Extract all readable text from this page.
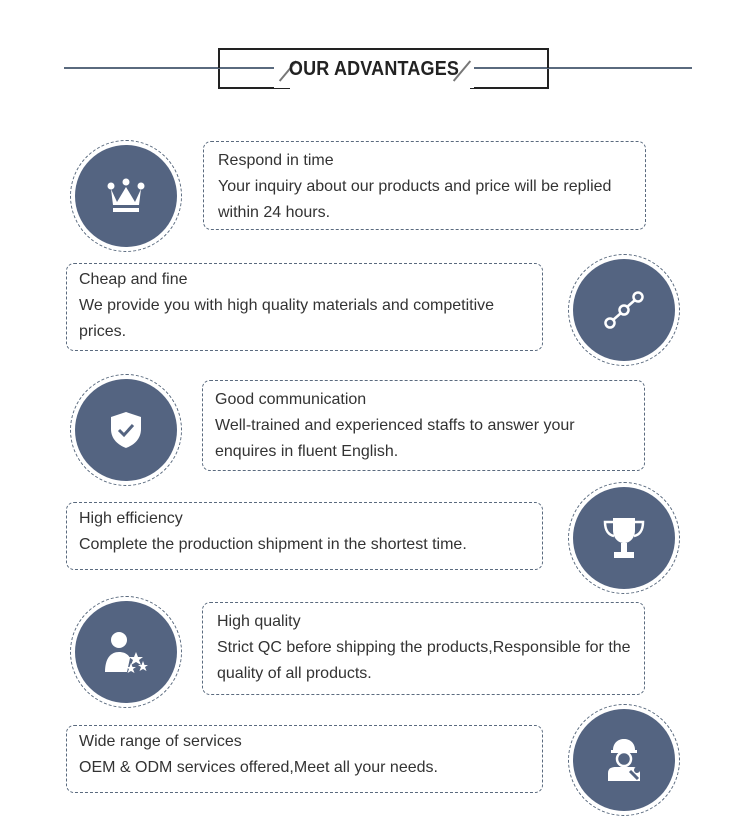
OUR ADVANTAGES
Respond in time
Your inquiry about our products and price will be replied within 24 hours.
Cheap and fine
We provide you with high quality materials and competitive prices.
Good communication
Well-trained and experienced staffs to answer your enquires in fluent English.
High efficiency
Complete the production shipment in the shortest time.
High quality
Strict QC before shipping the products,Responsible for the quality of all products.
Wide range of services
OEM & ODM services offered,Meet all your needs.
